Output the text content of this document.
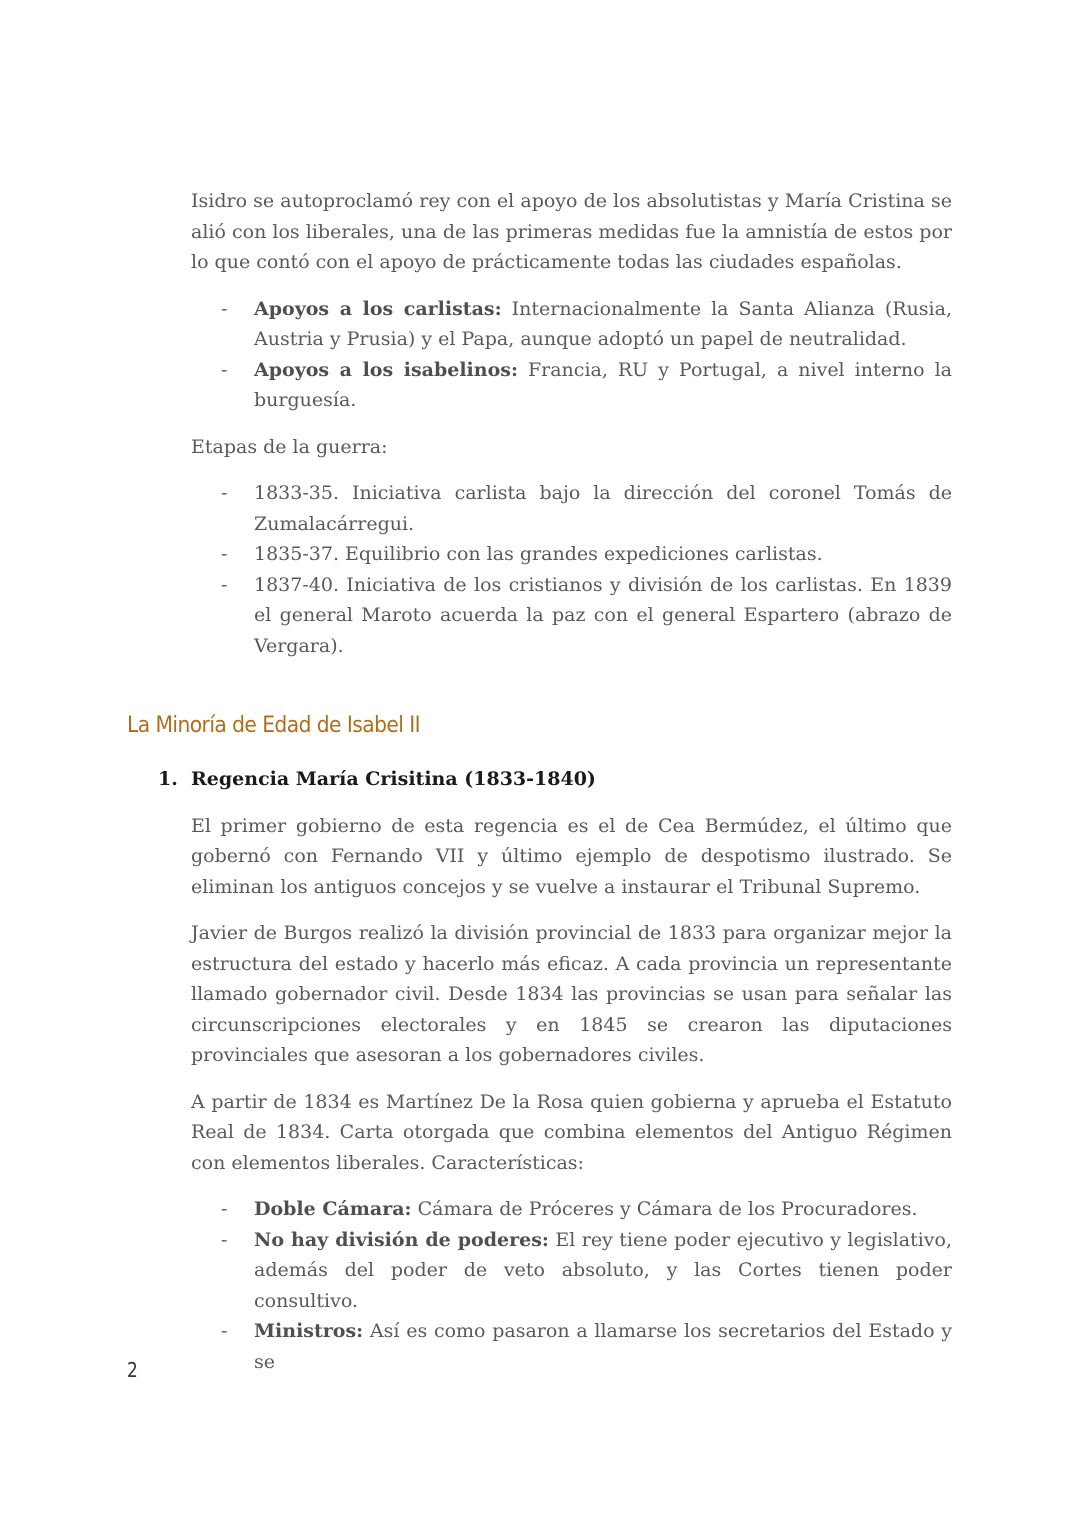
Isidro se autoproclamó rey con el apoyo de los absolutistas y María Cristina se alió con los liberales, una de las primeras medidas fue la amnistía de estos por lo que contó con el apoyo de prácticamente todas las ciudades españolas.

- Apoyos a los carlistas: Internacionalmente la Santa Alianza (Rusia, Austria y Prusia) y el Papa, aunque adoptó un papel de neutralidad.
- Apoyos a los isabelinos: Francia, RU y Portugal, a nivel interno la burguesía.

Etapas de la guerra:

- 1833-35. Iniciativa carlista bajo la dirección del coronel Tomás de Zumalacárregui.
- 1835-37. Equilibrio con las grandes expediciones carlistas.
- 1837-40. Iniciativa de los cristianos y división de los carlistas. En 1839 el general Maroto acuerda la paz con el general Espartero (abrazo de Vergara).
La Minoría de Edad de Isabel II

1. Regencia María Crisitina (1833-1840)

El primer gobierno de esta regencia es el de Cea Bermúdez, el último que gobernó con Fernando VII y último ejemplo de despotismo ilustrado. Se eliminan los antiguos concejos y se vuelve a instaurar el Tribunal Supremo.

Javier de Burgos realizó la división provincial de 1833 para organizar mejor la estructura del estado y hacerlo más eficaz. A cada provincia un representante llamado gobernador civil. Desde 1834 las provincias se usan para señalar las circunscripciones electorales y en 1845 se crearon las diputaciones provinciales que asesoran a los gobernadores civiles.

A partir de 1834 es Martínez De la Rosa quien gobierna y aprueba el Estatuto Real de 1834. Carta otorgada que combina elementos del Antiguo Régimen con elementos liberales. Características:

- Doble Cámara: Cámara de Próceres y Cámara de los Procuradores.
- No hay división de poderes: El rey tiene poder ejecutivo y legislativo, además del poder de veto absoluto, y las Cortes tienen poder consultivo.
- Ministros: Así es como pasaron a llamarse los secretarios del Estado y se
2
